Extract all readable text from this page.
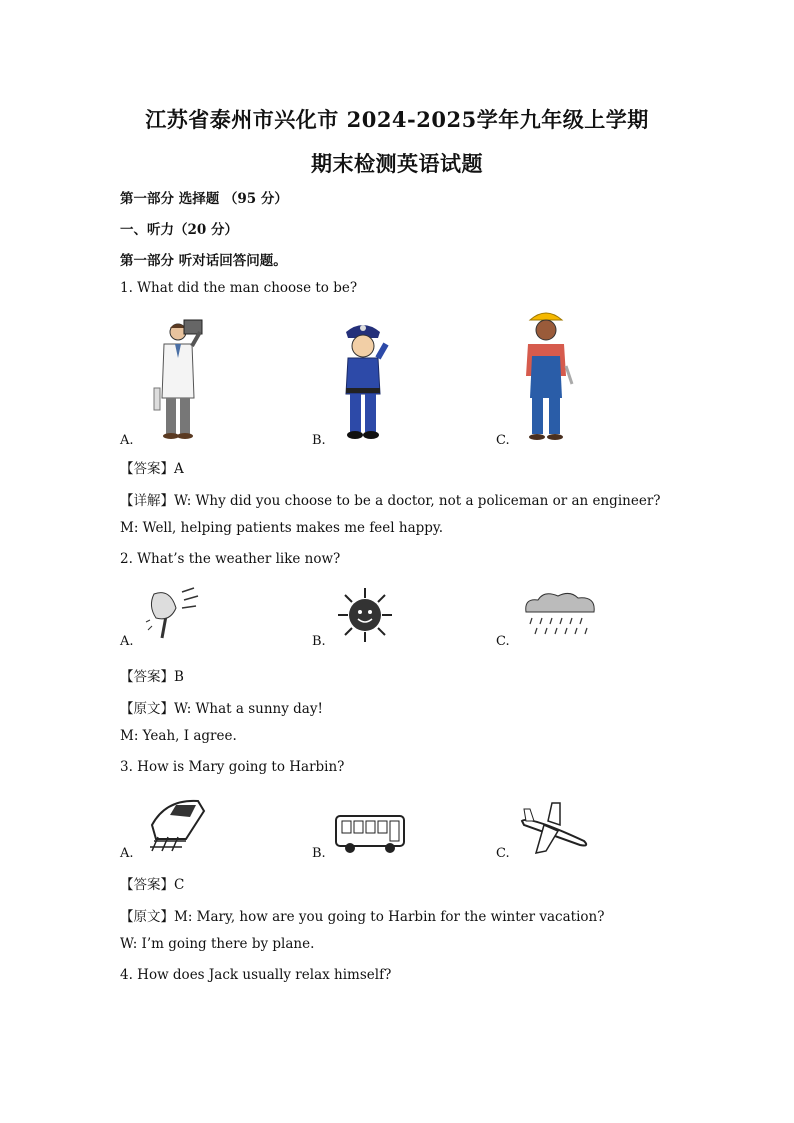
江苏省泰州市兴化市 2024-2025学年九年级上学期
期末检测英语试题
第一部分 选择题 （95 分）
一、听力（20 分）
第一部分 听对话回答问题。
1. What did the man choose to be?
A.	B.	C.
【答案】A
【详解】W: Why did you choose to be a doctor, not a policeman or an engineer?
M: Well, helping patients makes me feel happy.
2. What’s the weather like now?
A.	B.	C.
【答案】B
【原文】W: What a sunny day!
M: Yeah, I agree.
3. How is Mary going to Harbin?
A.	B.	C.
【答案】C
【原文】M: Mary, how are you going to Harbin for the winter vacation?
W: I’m going there by plane.
4. How does Jack usually relax himself?
